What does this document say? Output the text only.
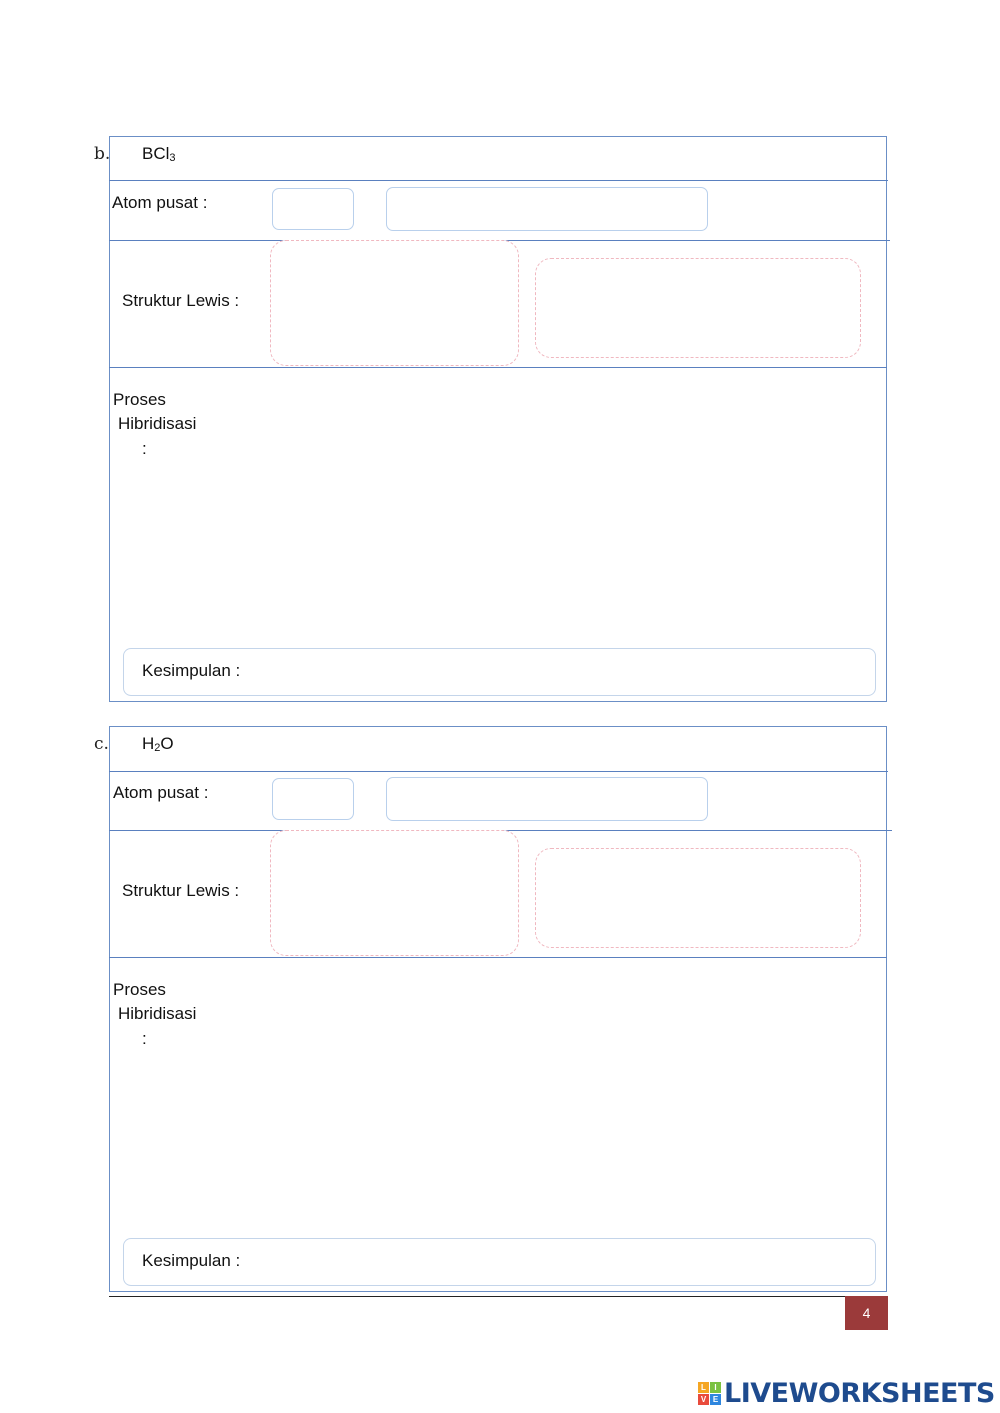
b. BCl$_3$
Atom pusat :
Struktur Lewis :
Proses
Hibridisasi
:
Kesimpulan :
c. $H_2O$
Atom pusat :
Struktur Lewis :
Proses
Hibridisasi
:
Kesimpulan :
4
L	I
V E LIVEWORKSHEETS
